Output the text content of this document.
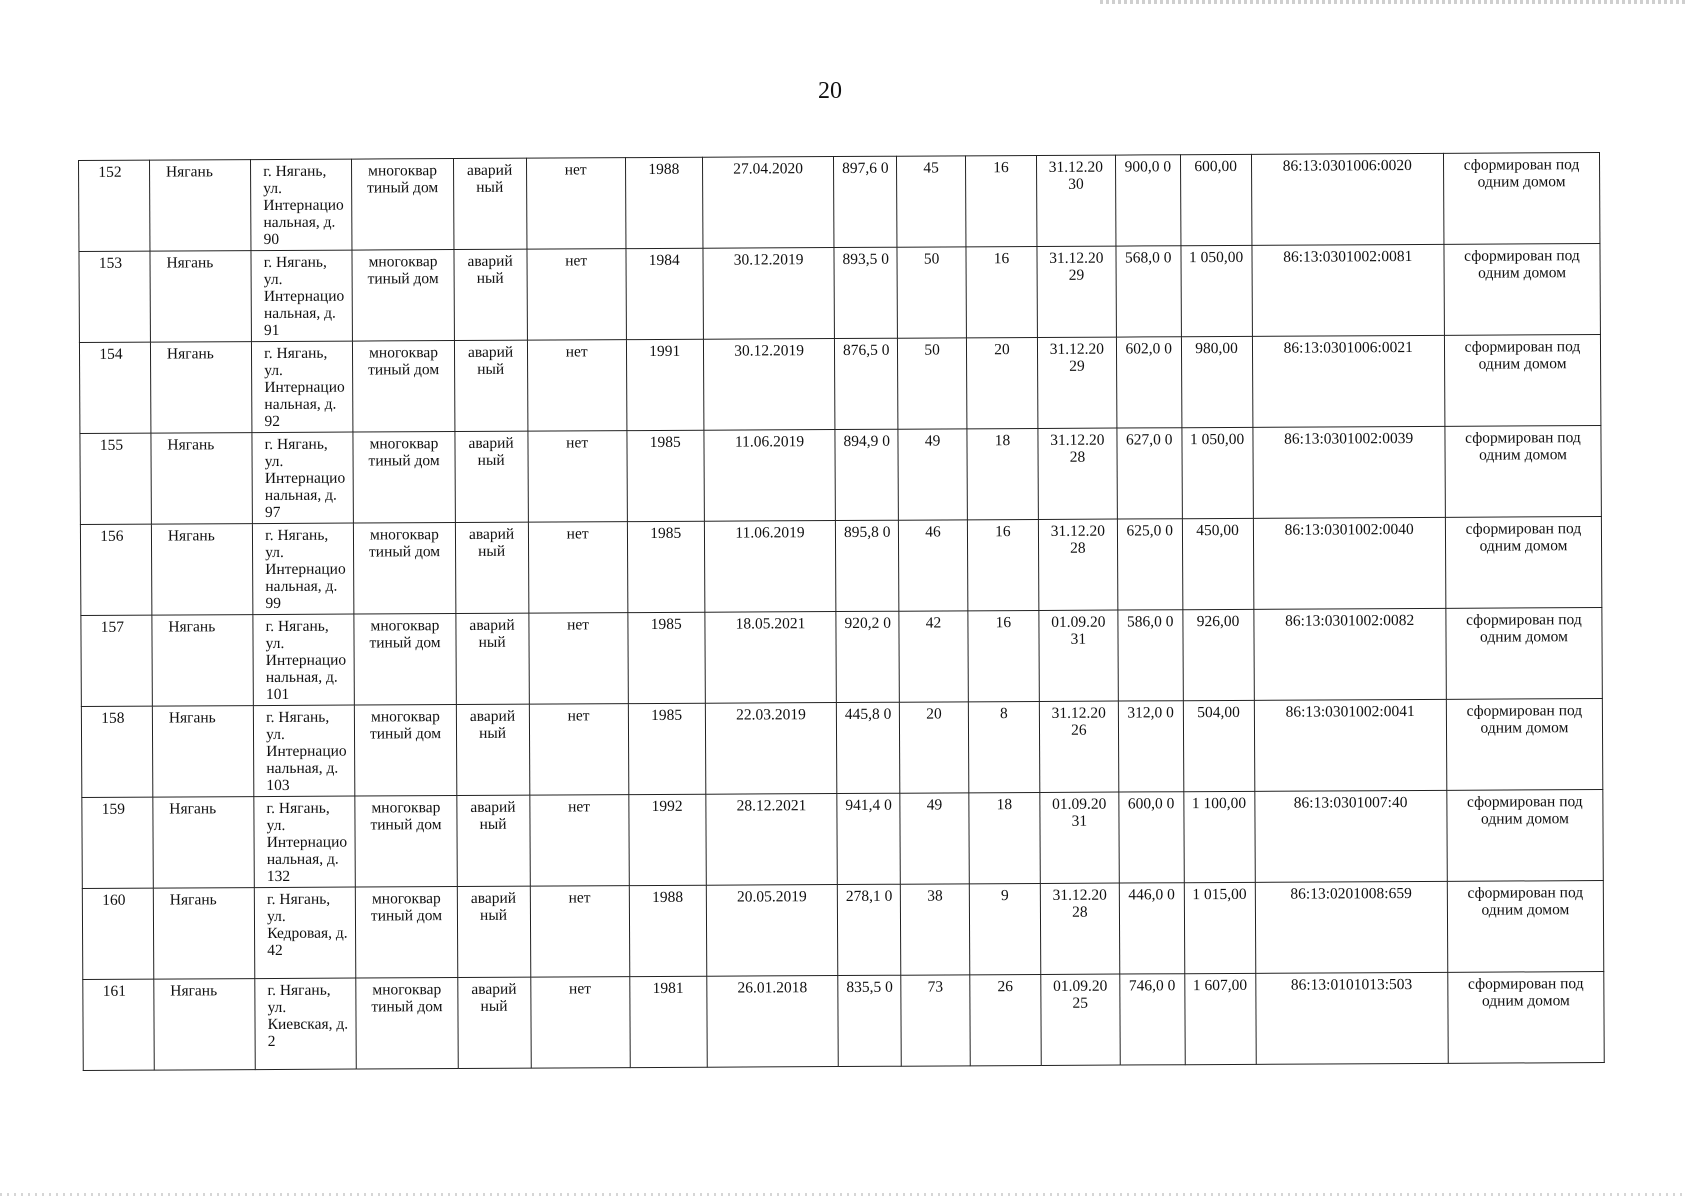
20
152	Нягань	г. Нягань, ул. Интернацио нальная, д. 90	многоквар тиный дом	аварий ный	нет	1988	27.04.2020	897,6 0	45	16	31.12.20 30	900,0 0	600,00	86:13:0301006:0020	сформирован под одним домом
153	Нягань	г. Нягань, ул. Интернацио нальная, д. 91	многоквар тиный дом	аварий ный	нет	1984	30.12.2019	893,5 0	50	16	31.12.20 29	568,0 0	1 050,00	86:13:0301002:0081	сформирован под одним домом
154	Нягань	г. Нягань, ул. Интернацио нальная, д. 92	многоквар тиный дом	аварий ный	нет	1991	30.12.2019	876,5 0	50	20	31.12.20 29	602,0 0	980,00	86:13:0301006:0021	сформирован под одним домом
155	Нягань	г. Нягань, ул. Интернацио нальная, д. 97	многоквар тиный дом	аварий ный	нет	1985	11.06.2019	894,9 0	49	18	31.12.20 28	627,0 0	1 050,00	86:13:0301002:0039	сформирован под одним домом
156	Нягань	г. Нягань, ул. Интернацио нальная, д. 99	многоквар тиный дом	аварий ный	нет	1985	11.06.2019	895,8 0	46	16	31.12.20 28	625,0 0	450,00	86:13:0301002:0040	сформирован под одним домом
157	Нягань	г. Нягань, ул. Интернацио нальная, д. 101	многоквар тиный дом	аварий ный	нет	1985	18.05.2021	920,2 0	42	16	01.09.20 31	586,0 0	926,00	86:13:0301002:0082	сформирован под одним домом
158	Нягань	г. Нягань, ул. Интернацио нальная, д. 103	многоквар тиный дом	аварий ный	нет	1985	22.03.2019	445,8 0	20	8	31.12.20 26	312,0 0	504,00	86:13:0301002:0041	сформирован под одним домом
159	Нягань	г. Нягань, ул. Интернацио нальная, д. 132	многоквар тиный дом	аварий ный	нет	1992	28.12.2021	941,4 0	49	18	01.09.20 31	600,0 0	1 100,00	86:13:0301007:40	сформирован под одним домом
160	Нягань	г. Нягань, ул. Кедровая, д. 42	многоквар тиный дом	аварий ный	нет	1988	20.05.2019	278,1 0	38	9	31.12.20 28	446,0 0	1 015,00	86:13:0201008:659	сформирован под одним домом
161	Нягань	г. Нягань, ул. Киевская, д. 2	многоквар тиный дом	аварий ный	нет	1981	26.01.2018	835,5 0	73	26	01.09.20 25	746,0 0	1 607,00	86:13:0101013:503	сформирован под одним домом
